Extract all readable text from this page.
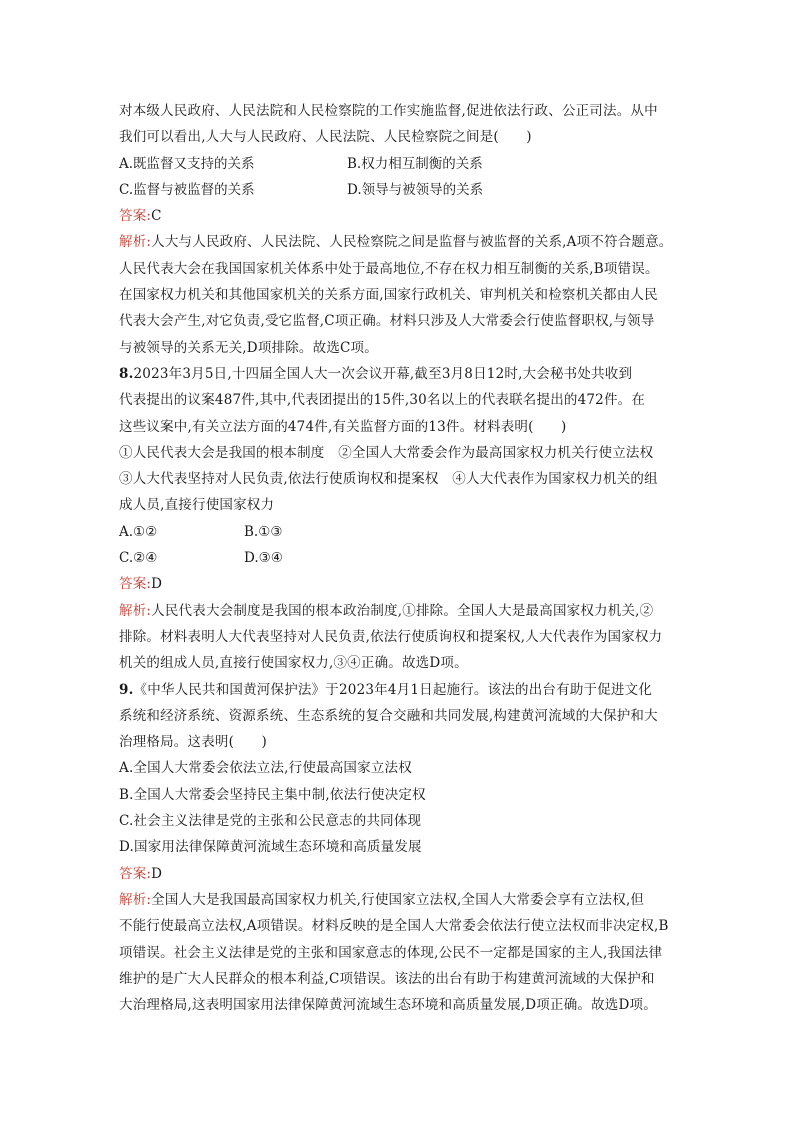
对本级人民政府、人民法院和人民检察院的工作实施监督,促进依法行政、公正司法。从中
我们可以看出,人大与人民政府、人民法院、人民检察院之间是(　　)
A.既监督又支持的关系	B.权力相互制衡的关系
C.监督与被监督的关系	D.领导与被领导的关系
答案:C
解析:人大与人民政府、人民法院、人民检察院之间是监督与被监督的关系,A项不符合题意。
人民代表大会在我国国家机关体系中处于最高地位,不存在权力相互制衡的关系,B项错误。
在国家权力机关和其他国家机关的关系方面,国家行政机关、审判机关和检察机关都由人民
代表大会产生,对它负责,受它监督,C项正确。材料只涉及人大常委会行使监督职权,与领导
与被领导的关系无关,D项排除。故选C项。
8.2023年3月5日,十四届全国人大一次会议开幕,截至3月8日12时,大会秘书处共收到
代表提出的议案487件,其中,代表团提出的15件,30名以上的代表联名提出的472件。在
这些议案中,有关立法方面的474件,有关监督方面的13件。材料表明(　　)
①人民代表大会是我国的根本制度　②全国人大常委会作为最高国家权力机关行使立法权
③人大代表坚持对人民负责,依法行使质询权和提案权　④人大代表作为国家权力机关的组
成人员,直接行使国家权力
A.①②	B.①③
C.②④	D.③④
答案:D
解析:人民代表大会制度是我国的根本政治制度,①排除。全国人大是最高国家权力机关,②
排除。材料表明人大代表坚持对人民负责,依法行使质询权和提案权,人大代表作为国家权力
机关的组成人员,直接行使国家权力,③④正确。故选D项。
9.《中华人民共和国黄河保护法》于2023年4月1日起施行。该法的出台有助于促进文化
系统和经济系统、资源系统、生态系统的复合交融和共同发展,构建黄河流域的大保护和大
治理格局。这表明(　　)
A.全国人大常委会依法立法,行使最高国家立法权
B.全国人大常委会坚持民主集中制,依法行使决定权
C.社会主义法律是党的主张和公民意志的共同体现
D.国家用法律保障黄河流域生态环境和高质量发展
答案:D
解析:全国人大是我国最高国家权力机关,行使国家立法权,全国人大常委会享有立法权,但
不能行使最高立法权,A项错误。材料反映的是全国人大常委会依法行使立法权而非决定权,B
项错误。社会主义法律是党的主张和国家意志的体现,公民不一定都是国家的主人,我国法律
维护的是广大人民群众的根本利益,C项错误。该法的出台有助于构建黄河流域的大保护和
大治理格局,这表明国家用法律保障黄河流域生态环境和高质量发展,D项正确。故选D项。
